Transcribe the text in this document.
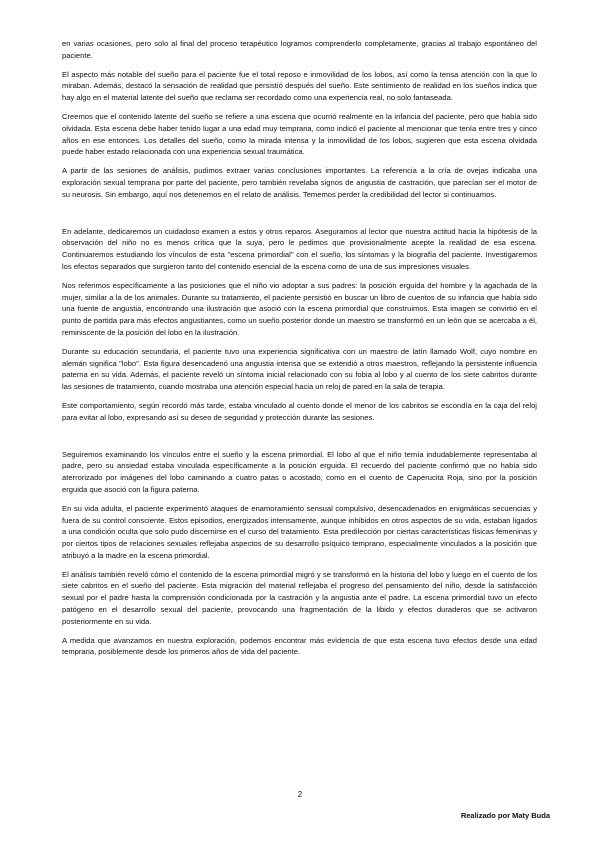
en varias ocasiones, pero solo al final del proceso terapéutico logramos comprenderlo completamente, gracias al trabajo espontáneo del paciente.

El aspecto más notable del sueño para el paciente fue el total reposo e inmovilidad de los lobos, así como la tensa atención con la que lo miraban. Además, destacó la sensación de realidad que persistió después del sueño. Este sentimiento de realidad en los sueños indica que hay algo en el material latente del sueño que reclama ser recordado como una experiencia real, no solo fantaseada.

Creemos que el contenido latente del sueño se refiere a una escena que ocurrió realmente en la infancia del paciente, pero que había sido olvidada. Esta escena debe haber tenido lugar a una edad muy temprana, como indicó el paciente al mencionar que tenía entre tres y cinco años en ese entonces. Los detalles del sueño, como la mirada intensa y la inmovilidad de los lobos, sugieren que esta escena olvidada puede haber estado relacionada con una experiencia sexual traumática.

A partir de las sesiones de análisis, pudimos extraer varias conclusiones importantes. La referencia a la cría de ovejas indicaba una exploración sexual temprana por parte del paciente, pero también revelaba signos de angustia de castración, que parecían ser el motor de su neurosis. Sin embargo, aquí nos detenemos en el relato de análisis. Tememos perder la credibilidad del lector si continuamos.

En adelante, dedicaremos un cuidadoso examen a estos y otros reparos. Aseguramos al lector que nuestra actitud hacia la hipótesis de la observación del niño no es menos crítica que la suya, pero le pedimos que provisionalmente acepte la realidad de esa escena. Continuaremos estudiando los vínculos de esta "escena primordial" con el sueño, los síntomas y la biografía del paciente. Investigaremos los efectos separados que surgieron tanto del contenido esencial de la escena como de una de sus impresiones visuales.

Nos referimos específicamente a las posiciones que el niño vio adoptar a sus padres: la posición erguida del hombre y la agachada de la mujer, similar a la de los animales. Durante su tratamiento, el paciente persistió en buscar un libro de cuentos de su infancia que había sido una fuente de angustia, encontrando una ilustración que asoció con la escena primordial que construimos. Esta imagen se convirtió en el punto de partida para más efectos angustiantes, como un sueño posterior donde un maestro se transformó en un león que se acercaba a él, reminiscente de la posición del lobo en la ilustración.

Durante su educación secundaria, el paciente tuvo una experiencia significativa con un maestro de latín llamado Wolf, cuyo nombre en alemán significa "lobo". Esta figura desencadenó una angustia intensa que se extendió a otros maestros, reflejando la persistente influencia paterna en su vida. Además, el paciente reveló un síntoma inicial relacionado con su fobia al lobo y al cuento de los siete cabritos durante las sesiones de tratamiento, cuando mostraba una atención especial hacia un reloj de pared en la sala de terapia.

Este comportamiento, según recordó más tarde, estaba vinculado al cuento donde el menor de los cabritos se escondía en la caja del reloj para evitar al lobo, expresando así su deseo de seguridad y protección durante las sesiones.

Seguiremos examinando los vínculos entre el sueño y la escena primordial. El lobo al que el niño temía indudablemente representaba al padre, pero su ansiedad estaba vinculada específicamente a la posición erguida. El recuerdo del paciente confirmó que no había sido aterrorizado por imágenes del lobo caminando a cuatro patas o acostado, como en el cuento de Caperucita Roja, sino por la posición erguida que asoció con la figura paterna.

En su vida adulta, el paciente experimentó ataques de enamoramiento sensual compulsivo, desencadenados en enigmáticas secuencias y fuera de su control consciente. Estos episodios, energizados intensamente, aunque inhibidos en otros aspectos de su vida, estaban ligados a una condición oculta que solo pudo discernirse en el curso del tratamiento. Esta predilección por ciertas características físicas femeninas y por ciertos tipos de relaciones sexuales reflejaba aspectos de su desarrollo psíquico temprano, especialmente vinculados a la posición que atribuyó a la madre en la escena primordial.

El análisis también reveló cómo el contenido de la escena primordial migró y se transformó en la historia del lobo y luego en el cuento de los siete cabritos en el sueño del paciente. Esta migración del material reflejaba el progreso del pensamiento del niño, desde la satisfacción sexual por el padre hasta la comprensión condicionada por la castración y la angustia ante el padre. La escena primordial tuvo un efecto patógeno en el desarrollo sexual del paciente, provocando una fragmentación de la libido y efectos duraderos que se activaron posteriormente en su vida.

A medida que avanzamos en nuestra exploración, podemos encontrar más evidencia de que esta escena tuvo efectos desde una edad temprana, posiblemente desde los primeros años de vida del paciente.

2
Realizado por Maty Buda
